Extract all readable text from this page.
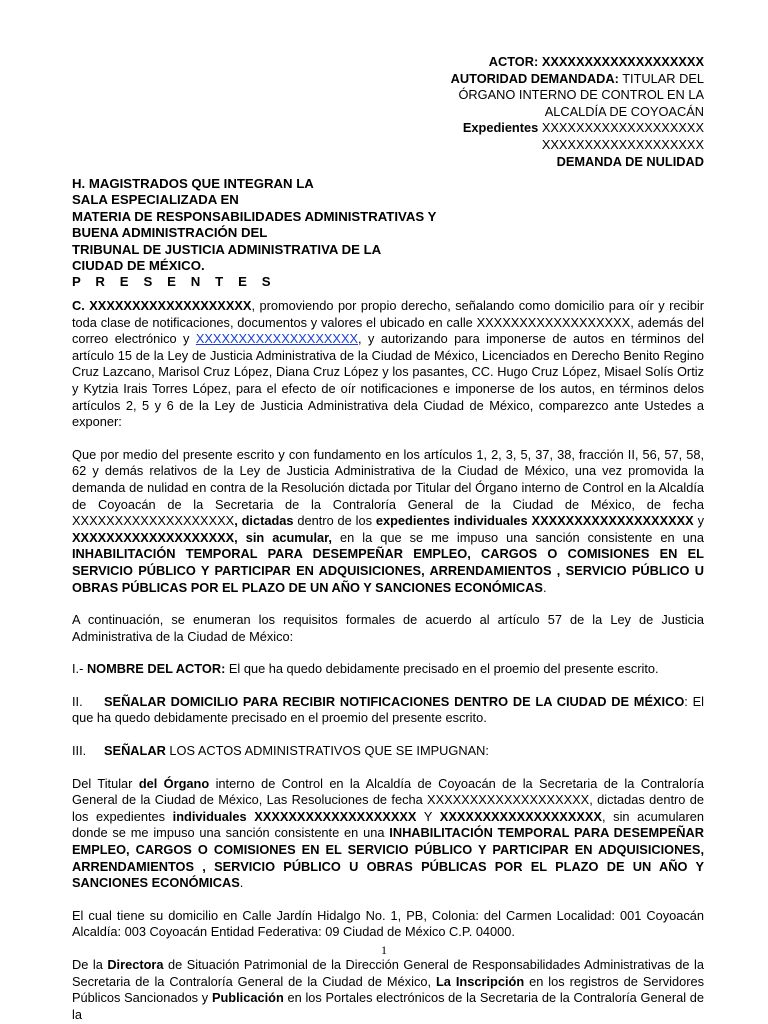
ACTOR: XXXXXXXXXXXXXXXXXXX
AUTORIDAD DEMANDADA: TITULAR DEL
ÓRGANO INTERNO DE CONTROL EN LA
ALCALDÍA DE COYOACÁN
Expedientes XXXXXXXXXXXXXXXXXXX
XXXXXXXXXXXXXXXXXXX
DEMANDA DE NULIDAD
H. MAGISTRADOS QUE INTEGRAN LA
SALA ESPECIALIZADA EN
MATERIA DE RESPONSABILIDADES ADMINISTRATIVAS Y
BUENA ADMINISTRACIÓN DEL
TRIBUNAL DE JUSTICIA ADMINISTRATIVA DE LA
CIUDAD DE MÉXICO.
P R E S E N T E S

C. XXXXXXXXXXXXXXXXXXX, promoviendo por propio derecho, señalando como domicilio para oír y recibir toda clase de notificaciones, documentos y valores el ubicado en calle XXXXXXXXXXXXXXXXXX, además del correo electrónico y XXXXXXXXXXXXXXXXXXX, y autorizando para imponerse de autos en términos del artículo 15 de la Ley de Justicia Administrativa de la Ciudad de México, Licenciados en Derecho Benito Regino Cruz Lazcano, Marisol Cruz López, Diana Cruz López y los pasantes, CC. Hugo Cruz López, Misael Solís Ortiz y Kytzia Irais Torres López, para el efecto de oír notificaciones e imponerse de los autos, en términos delos artículos 2, 5 y 6 de la Ley de Justicia Administrativa dela Ciudad de México, comparezco ante Ustedes a exponer:

Que por medio del presente escrito y con fundamento en los artículos 1, 2, 3, 5, 37, 38, fracción II, 56, 57, 58, 62 y demás relativos de la Ley de Justicia Administrativa de la Ciudad de México, una vez promovida la demanda de nulidad en contra de la Resolución dictada por Titular del Órgano interno de Control en la Alcaldía de Coyoacán de la Secretaria de la Contraloría General de la Ciudad de México, de fecha XXXXXXXXXXXXXXXXXXX, dictadas dentro de los expedientes individuales XXXXXXXXXXXXXXXXXXX y XXXXXXXXXXXXXXXXXXX, sin acumular, en la que se me impuso una sanción consistente en una INHABILITACIÓN TEMPORAL PARA DESEMPEÑAR EMPLEO, CARGOS O COMISIONES EN EL SERVICIO PÚBLICO Y PARTICIPAR EN ADQUISICIONES, ARRENDAMIENTOS , SERVICIO PÚBLICO U OBRAS PÚBLICAS POR EL PLAZO DE UN AÑO Y SANCIONES ECONÓMICAS.

A continuación, se enumeran los requisitos formales de acuerdo al artículo 57 de la Ley de Justicia Administrativa de la Ciudad de México:

I.- NOMBRE DEL ACTOR: El que ha quedo debidamente precisado en el proemio del presente escrito.

II. SEÑALAR DOMICILIO PARA RECIBIR NOTIFICACIONES DENTRO DE LA CIUDAD DE MÉXICO: El que ha quedo debidamente precisado en el proemio del presente escrito.

III. SEÑALAR LOS ACTOS ADMINISTRATIVOS QUE SE IMPUGNAN:

Del Titular del Órgano interno de Control en la Alcaldía de Coyoacán de la Secretaria de la Contraloría General de la Ciudad de México, Las Resoluciones de fecha XXXXXXXXXXXXXXXXXXX, dictadas dentro de los expedientes individuales XXXXXXXXXXXXXXXXXXX Y XXXXXXXXXXXXXXXXXXX, sin acumularen donde se me impuso una sanción consistente en una INHABILITACIÓN TEMPORAL PARA DESEMPEÑAR EMPLEO, CARGOS O COMISIONES EN EL SERVICIO PÚBLICO Y PARTICIPAR EN ADQUISICIONES, ARRENDAMIENTOS , SERVICIO PÚBLICO U OBRAS PÚBLICAS POR EL PLAZO DE UN AÑO Y SANCIONES ECONÓMICAS.

El cual tiene su domicilio en Calle Jardín Hidalgo No. 1, PB, Colonia: del Carmen Localidad: 001 Coyoacán Alcaldía: 003 Coyoacán Entidad Federativa: 09 Ciudad de México C.P. 04000.

De la Directora de Situación Patrimonial de la Dirección General de Responsabilidades Administrativas de la Secretaria de la Contraloría General de la Ciudad de México, La Inscripción en los registros de Servidores Públicos Sancionados y Publicación en los Portales electrónicos de la Secretaria de la Contraloría General de la

1
